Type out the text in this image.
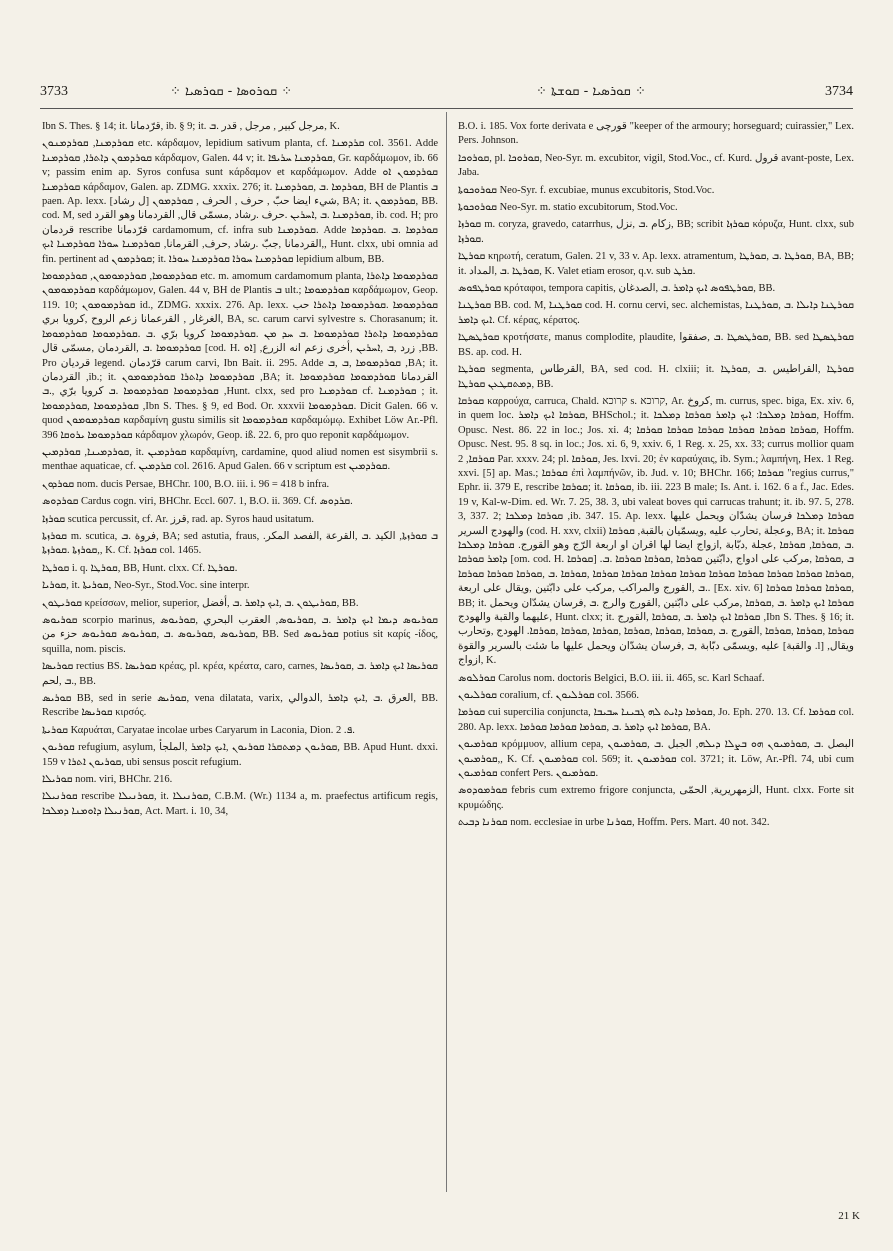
3733	⁘ ܩܘܪܘܣܐ - ܩܘܪܣܝܐ ⁘	⁘ ܩܘܪܣܝܐ - ܩܘܫܬܐ ⁘	3734

Ibn S. Thes. § 14; it. قرّدمانا, ib. § 9; it. مرجل كبير , مرجل , قدر .ܒ, K.

ܩܘܪܕܡܢܐ, ܩܘܪܕܡܢܘܢ etc. κάρδαμον, lepidium sativum planta, cf. ܩܪܕܡܢܐ col. 3561. Adde ܩܘܪܕܡܘܢ ܕܐܬܪܐ, ܩܘܪܕܡܢܐ κάρδαμον, Galen. 44 v; it. ܩܘܪܕܡܢܐ ܚܪܝܦܐ, Gr. καρδάμωμον, ib. 66 v; passim enim ap. Syros confusa sunt κάρδαμον et καρδάμωμον. Adde ܩܘܪܕܡܘܢ ܐܘ ܩܘܪܕܡܢܐ κάρδαμον, Galen. ap. ZDMG. xxxix. 276; it. ܩܘܪܕܡܐ .ܒ ,ܩܘܪܕܡܢܐ, BH de Plantis ܒ paen. Ap. lexx. [ل رشاد] شيء ايضا حبّ , حرف , الحرف , ܩܘܪܕܡܘܢ, BA; it. ܩܘܪܕܡܘܢ, BB. cod. M, sed ܩܘܪܕܡܢܐ .ܒ ,ܐܚܪܝܢ .حرف .رشاد ,مسمّى قال, القردمانا وهو القرد, ib. cod. H; pro قردمان rescribe قرّدمانا cardamomum, cf. infra sub ܩܘܪܕܡܢܐ. Adde ܩܘܪܕܡܐ .ܒ .ܩܘܪܕܡܐ ,القردمانا ,جبّ .رشاد ,حرف, القرمانا, ܩܘܪܕܡܢܐ ܚܘܪܐ ܩܘܪܕܡܢܐ ܐܝܟ, Hunt. clxx, ubi omnia ad fin. pertinent ad ܩܘܪܕܡܘܢ; it. ܩܘܪܕܡܢܐ ܚܘܪܐ ܩܘܪܕܡܢܐ ܚܘܪܐ lepidium album, BB.

ܩܘܪܕܡܘܡܐ, ܩܘܪܕܡܘܡܘܢ, ܩܘܪܕܡܘܡܐ etc. m. amomum cardamomum planta, ܩܘܪܕܡܘܡܐ ܕܐܬܪܐ ܩܘܪܕܡܘܡܘܢ καρδάμωμον, Galen. 44 v, BH de Plantis ܒ ult.; ܩܘܪܕܡܘܡܐ καρδάμωμον, Geop. 119. 10; ܩܘܪܕܡܘܡܘܢ id., ZDMG. xxxix. 276. Ap. lexx. ܩܘܪܕܡܘܡܐ .ܩܘܪܕܡܘܡܐ ܕܐܬܪܐ حب الغرغار , القرعمانا زعم الروح ,كرويا بري, BA, sc. carum carvi sylvestre s. Chorasanum; it. ܩܘܪܕܡܘܡܐ ܕܐܬܪܐ ܩܘܪܕܡܘܡܐ .ܒ ܚܕ ܡܢ .ܩܘܪܕܡܘܡܐ كرويا برّي .ܒ .ܩܘܪܕܡܘܡܐ ܩܘܪܕܡܘܡܐ ܩܘܪܕܡܘܡܐ .ܒ ,القردمان ,مسمّى قال [cod. H. ܐܘ] ,زرد ,ܒ ,ܐܚܪܝܢ ,أخرى زعم انه الزرع ,BB. Pro قرديان legend. قرّدمان carum carvi, Ibn Bait. ii. 295. Adde ܩܘܪܕܡܘܡܐ ,ܒ ,ܒ ,BA; it. القردمان ,ib.; it. ܩܘܪܕܡܘܡܐ ܕܐܬܪܐ ܩܘܪܕܡܘܡܘܢ ,BA; it. القردمانا ܩܘܪܕܡܘܡܐ ܩܘܪܕܡܘܡܐ ܩܘܪܕܡܘܡܐ ܩܘܪܕܡܘܡܐ .ܒ كرويا برّي ,.ܒ ,Hunt. clxx, sed pro ܩܘܪܕܡܢܐ cf. ܩܘܪܕܡܢܐ ; it. ܩܘܪܕܡܘܡܐ ,ܩܘܪܕܡܘܡܐ ,Ibn S. Thes. § 9, ed Bod. Or. xxxvii ܩܘܪܕܡܘܡܐ. Dicit Galen. 66 v. quod ܩܘܪܕܡܘܡܘܢ καρδαμίνη gustu similis sit ܩܘܪܕܡܘܡܐ καρδαμώμῳ. Exhibet Löw Ar.-Pfl. 396 ܩܘܪܕܡܘܡܐ ܝܪܘܩܐ κάρδαμον χλωρόν, Geop. iß. 22. 6, pro quo reponit καρδάμωμον.

ܩܘܪܕܡܝܢܐ, ܩܘܪܕܡܝܢ, it. ܩܘܪܕܡܝܢ καρδαμίνη, cardamine, quod aliud nomen est sisymbrii s. menthae aquaticae, cf. ܩܪܕܡܝܢ col. 2616. Apud Galen. 66 v scriptum est ܩܘܪܕܡܝܢ.

ܩܘܪܕܘܢ nom. ducis Persae, BHChr. 100, B.O. iii. i. 96 = 418 b infra.

ܩܘܪܕܘܣ Cardus cogn. viri, BHChr. Eccl. 607. 1, B.O. ii. 369. Cf. ܩܪܕܘܣ.

ܩܘܪܙܐ scutica percussit, cf. Ar. قرز, rad. ap. Syros haud usitatum.

ܩܘܪܙܬܐ m. scutica, فروة .ܒ, BA; sed astutia, fraus, .ܒ ܩܘܪܙܬܐ, الكيد .ܒ ,القرعة ,الفصد المكر ,ܩܘܪܙܬܐ .ܩܘܪܙܬܐ, K. Cf. ܩܘܪܙܐ col. 1465.

ܩܘܪܛܐ i. q. ܩܘܪܛܐ, BB, Hunt. clxx. Cf. ܩܘܪܛܐ.

ܩܘܪܝܐ, it. ܩܘܪܝܬܐ, Neo-Syr., Stod.Voc. sine interpr.

ܩܘܪܝܛܘܢ κρείσσων, melior, superior, ܩܘܪܝܛܘܢ .ܒ ,ܐܝܟ ܕܐܡܪ .ܒ ,أفضل, BB.

ܩܘܪܝܘܣ scorpio marinus, ܩܘܪܝܘܣ ܕܝܡܐ ܐܝܟ ܕܐܡܪ .ܒ ,ܩܘܪܝܘܣ, العقرب البحري ,ܩܘܪܝܘܣ ܩܘܪܝܘܣ ,ܩܘܪܝܘܣ .ܒ ,ܩܘܪܝܘܣ ܩܘܪܝܘܣ حزء من, BB. Sed ܩܘܪܝܘܣ potius sit καρίς -ίδος, squilla, nom. piscis.

ܩܘܪܝܣܐ rectius BS. ܩܘܪܝܣܐ κρέας, pl. κρέα, κρέατα, caro, carnes, ܩܘܪܝܣܐ ܐܝܟ ܕܐܡܪ .ܒ ,ܩܘܪܝܣܐ .ܒ ,لحم, BB.

ܩܘܪܝܣ BB, sed in serie ܩܘܪܝܣ, vena dilatata, varix, العرق .ܒ ,ܐܝܟ ܕܐܡܪ ,الدوالي, BB. Rescribe ܩܘܪܝܣܐ κιρσός.

ܩܘܪܝܬܐ Καρυάται, Caryatae incolae urbes Caryarum in Laconia, Dion. ܦ. 2.

ܩܘܪܝܘܢ refugium, asylum, ܩܘܪܝܘܢ ܕܡܬܩܪܐ ܩܘܪܝܘܢ ,ܐܝܟ ܕܐܡܪ ,الملجأ, BB. Apud Hunt. dxxi. 159 v ܩܘܪܝܘܢ ܐܬܪܐ, ubi sensus poscit refugium.

ܩܘܪܝܠܐ nom. viri, BHChr. 216.

ܩܘܪܢܝܠܐ rescribe ܩܘܪܢܝܠܐ, it. ܩܘܪܢܝܠܐ, C.B.M. (Wr.) 1134 a, m. praefectus artificum regis, ܩܘܪܢܝܠܐ ܕܐܘܡܢܐ ܕܡܠܟܐ, Act. Mart. i. 10, 34,

B.O. i. 185. Vox forte derivata e قورچی "keeper of the armoury; horseguard; cuirassier," Lex. Pers. Johnson.

ܩܘܪܘܟܐ, pl. ܩܘܪܘܟܐ, Neo-Syr. m. excubitor, vigil, Stod.Voc., cf. Kurd. قرول avant-poste, Lex. Jaba.

ܩܘܪܘܟܘܬܐ Neo-Syr. f. excubiae, munus excubitoris, Stod.Voc.

ܩܘܪܘܟܘܬܐ Neo-Syr. m. statio excubitorum, Stod.Voc.

ܩܘܪܙܐ m. coryza, gravedo, catarrhus, زكام .ܒ ,نزل, BB; scribit ܩܘܪܙܐ κόρυζα, Hunt. clxx, sub ܩܘܪܙܐ.

ܩܘܪܛܐ κηρωτή, ceratum, Galen. 21 v, 33 v. Ap. lexx. atramentum, ܩܘܪܛܐ .ܒ ,ܩܘܪܛܐ, BA, BB; it. ܩܘܪܛܐ .ܒ ,المداد, K. Valet etiam erosor, q.v. sub ܩܪܛ.

ܩܘܪܛܦܘܣ κρόταφοι, tempora capitis, ܩܘܪܛܦܘܣ ܐܝܟ ܕܐܡܪ .ܒ ,الصدغان, BB.

ܩܘܪܛܢܐ BB. cod. M, ܩܘܪܛܢܐ cod. H. cornu cervi, sec. alchemistas, ܩܘܪܛܢܐ ܕܐܝܠܐ .ܒ ,ܩܘܪܛܢܐ ܐܝܟ ܕܐܡܪ. Cf. κέρας, κέρατος.

ܩܘܪܛܣܛܐ κροτήσατε, manus complodite, plaudite, ܩܘܪܛܣܛܐ .ܒ ,صفقوا, BB. sed ܩܘܪܛܣܛܐ BS. ap. cod. H.

ܩܘܪܛܐ segmenta, القرطاس, BA, sed cod. H. clxiii; it. ܩܘܪܛܐ ,القراطيس .ܒ ,ܩܘܪܛܐ ܕܡܬܩܛܥܢ ܩܘܪܛܐ, BB.

ܩܘܪܩܐ καρρούχα, carruca, Chald. קרוכא s. קרוכא, Ar. كروخ, m. currus, spec. biga, Ex. xiv. 6, in quem loc. ܩܘܪܩܐ ܐܝܟ ܕܐܡܪ, BHSchol.; it. ܩܘܪܩܐ ܕܡܠܟܐ: ܐܝܟ ܕܐܡܪ ܩܘܪܩܐ ܕܡܠܟܐ, Hoffm. Opusc. Nest. 86. 22 in loc.; Jos. xi. 4; ܩܘܪܩܐ ܩܘܪܩܐ ܩܘܪܩܐ ܩܘܪܩܐ ܩܘܪܩܐ ܩܘܪܩܐ, Hoffm. Opusc. Nest. 95. 8 sq. in loc.; Jos. xi. 6, 9, xxiv. 6, 1 Reg. x. 25, xx. 33; currus mollior quam ܩܘܪܩܐ, 2 Par. xxxv. 24; pl. ܩܘܪܩܐ, Jes. lxvi. 20; ἐν καραύχαις, ib. Sym.; λαμπήνη, Hex. 1 Reg. xxvi. [5] ap. Mas.; ܩܘܪܩܐ ἐπὶ λαμπήνῶν, ib. Jud. v. 10; BHChr. 166; ܩܘܪܩܐ "regius currus," Ephr. ii. 379 E, rescribe ܩܘܪܩܐ; it. ܩܘܪܩܐ, ib. iii. 223 B male; Is. Ant. i. 162. 6 a f., Jac. Edes. 19 v, Kal-w-Dim. ed. Wr. 7. 25, 38. 3, ubi valeat boves qui carrucas trahunt; it. ib. 97. 5, 278. 3, 337. 2; ܩܘܪܩܐ ܕܡܠܟܐ ,ib. 347. 15. Ap. lexx. ܩܘܪܩܐ ܕܡܠܟܐ فرسان يشدّان ويحمل عليها والهودج السرير (cod. H. xxv, clxii) وعجلة ,تحارب عليه ,ويسمّيان بالقبة, ܩܘܪܩܐ, BA; it. ܩܘܪܩܐ .ܒ ,ܩܘܪܩܐ, ܩܘܪܩܐ ,عجلة ,دبّابة ,ازواج ايضا لها اقران او اربعة الرّج وهو القورج. ܩܘܪܩܐ ܕܡܠܟܐ ܕܐܡܪ ܩܘܪܩܐ [om. cod. H. ܩܘܪܩܐ] .ܒ ,ܩܘܪܩܐ ,مركب على ادواج ,دابّتين ܩܘܪܩܐ ,ܩܘܪܩܐ ܩܘܪܩܐ .ܒ ,ܩܘܪܩܐ ܩܘܪܩܐ ܩܘܪܩܐ ܩܘܪܩܐ ܩܘܪܩܐ ܩܘܪܩܐ ܩܘܪܩܐ ܩܘܪܩܐ ܩܘܪܩܐ ,ܩܘܪܩܐ .ܒ ,ܩܘܪܩܐ ܩܘܪܩܐ ܩܘܪܩܐ .ܒ ,القورج والمراكب ,مركب على دابّتين ,ويقال على اربعة. [Ex. xiv. 6] ܩܘܪܩܐ ܩܘܪܩܐ ܩܘܪܩܐ, BB; it. ܩܘܪܩܐ ܐܝܟ ܕܐܡܪ .ܒ ,ܩܘܪܩܐ ,مركب على دابّتين ,القورج والرج .ܒ ,فرسان يشدّان ويحمل عليهما والقبة والهودج, Hunt. clxx; it. ܩܘܪܩܐ ܐܝܟ ܕܐܡܪ .ܒ ,ܩܘܪܩܐ ,القورج ,Ibn S. Thes. § 16; it. ܩܘܪܩܐ ,ܩܘܪܩܐ ,ܩܘܪܩܐ ,القورج .ܒ ,ܩܘܪܩܐ ,ܩܘܪܩܐ ,ܩܘܪܩܐ ,ܩܘܪܩܐ ,ܩܘܪܩܐ ,ܩܘܪܩܐ. الهودج ,وتحارب عليه ,ويسمّى دبّابة ,ܒ ,فرسان يشدّان ويحمل عليها ما شئت بالسرير والقوة [والقبة .l] ,ويقال ازواج, K.

ܩܘܪܠܘܣ Carolus nom. doctoris Belgici, B.O. iii. ii. 465, sc. Karl Schaaf.

ܩܘܪܠܝܘܢ coralium, cf. ܩܘܪܠܝܘܢ col. 3566.

ܩܘܪܡܐ cui supercilia conjuncta, ܩܘܪܡܐ ܕܐܝܬ ܠܗ ܓܒܝܢܐ ܚܒܝܒܐ, Jo. Eph. 270. 13. Cf. ܩܘܪܡܐ col. 280. Ap. lexx. ܩܘܪܡܐ ܐܝܟ ܕܐܡܪ .ܒ ,ܩܘܪܡܐ ܩܘܪܡܐ ܩܘܪܡܐ, BA.

ܩܘܪܡܝܘܢ κρόμμυον, allium cepa, البصل .ܒ ,ܩܘܪܡܝܘܢ ܗܘ ܒܨܠܐ ܕܝܠܗ, الجبل .ܒ ,ܩܘܪܡܝܘܢ ,ܩܘܪܡܝܘܢ, K. Cf. ܩܘܪܡܝܘܢ col. 569; it. ܩܘܪܡܝܘܢ col. 3721; it. Löw, Ar.-Pfl. 74, ubi cum ܩܘܪܡܝܘܢ confert Pers. ܩܘܪܡܝܘܢ.

ܩܘܪܡܘܕܘܣ febris cum extremo frigore conjuncta, الزمهريرية, الحمّى, Hunt. clxx. Forte sit κρυμώδης.

ܩܘܪܢܐ ܕܒܝܬ nom. ecclesiae in urbe ܩܘܪܢܐ, Hoffm. Pers. Mart. 40 not. 342.

21 K
